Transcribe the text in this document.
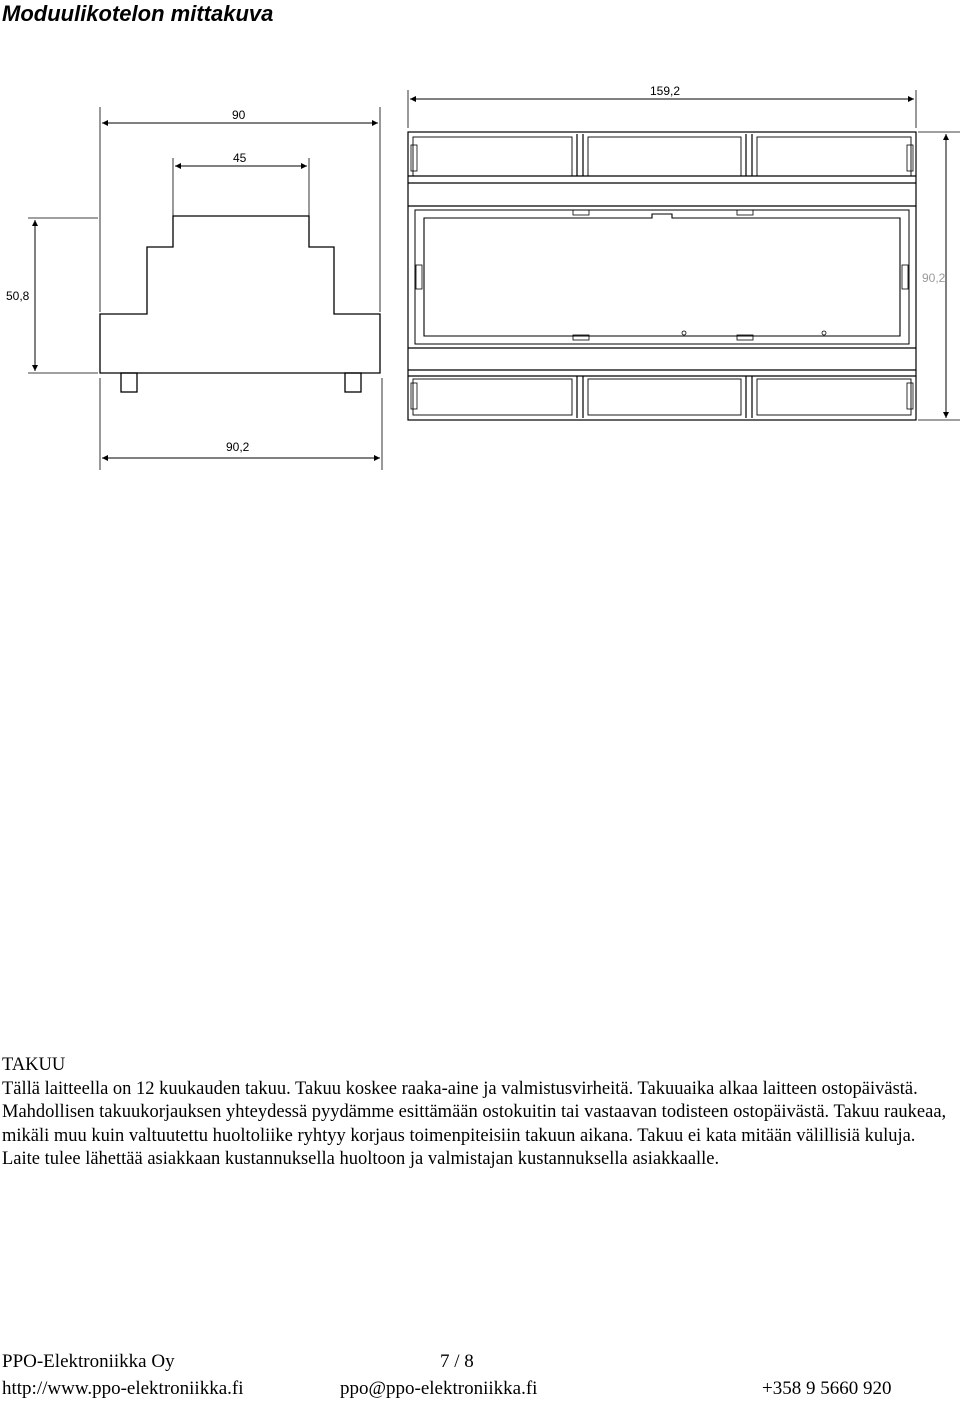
Moduulikotelon mittakuva
90
45
50,8
90,2
159,2
90,2
TAKUU
Tällä laitteella on 12 kuukauden takuu. Takuu koskee raaka-aine ja valmistusvirheitä. Takuuaika alkaa laitteen ostopäivästä. Mahdollisen takuukorjauksen yhteydessä pyydämme esittämään ostokuitin tai vastaavan todisteen ostopäivästä. Takuu raukeaa, mikäli muu kuin valtuutettu huoltoliike ryhtyy korjaus toimenpiteisiin takuun aikana. Takuu ei kata mitään välillisiä kuluja. Laite tulee lähettää asiakkaan kustannuksella huoltoon ja valmistajan kustannuksella asiakkaalle.
PPO-Elektroniikka Oy	7 / 8
http://www.ppo-elektroniikka.fi	ppo@ppo-elektroniikka.fi	+358 9 5660 920
